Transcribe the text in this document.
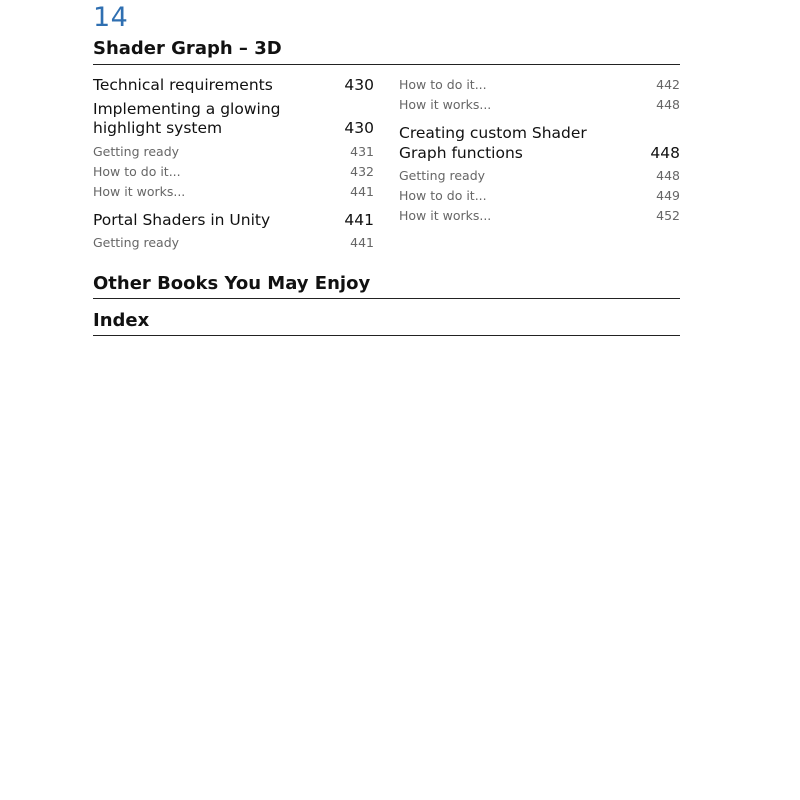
14
Shader Graph – 3D
Technical requirements	430
Implementing a glowing highlight system	430
Getting ready	431
How to do it...	432
How it works...	441
Portal Shaders in Unity	441
Getting ready	441
How to do it...	442
How it works...	448
Creating custom Shader Graph functions	448
Getting ready	448
How to do it...	449
How it works...	452
Other Books You May Enjoy
Index
